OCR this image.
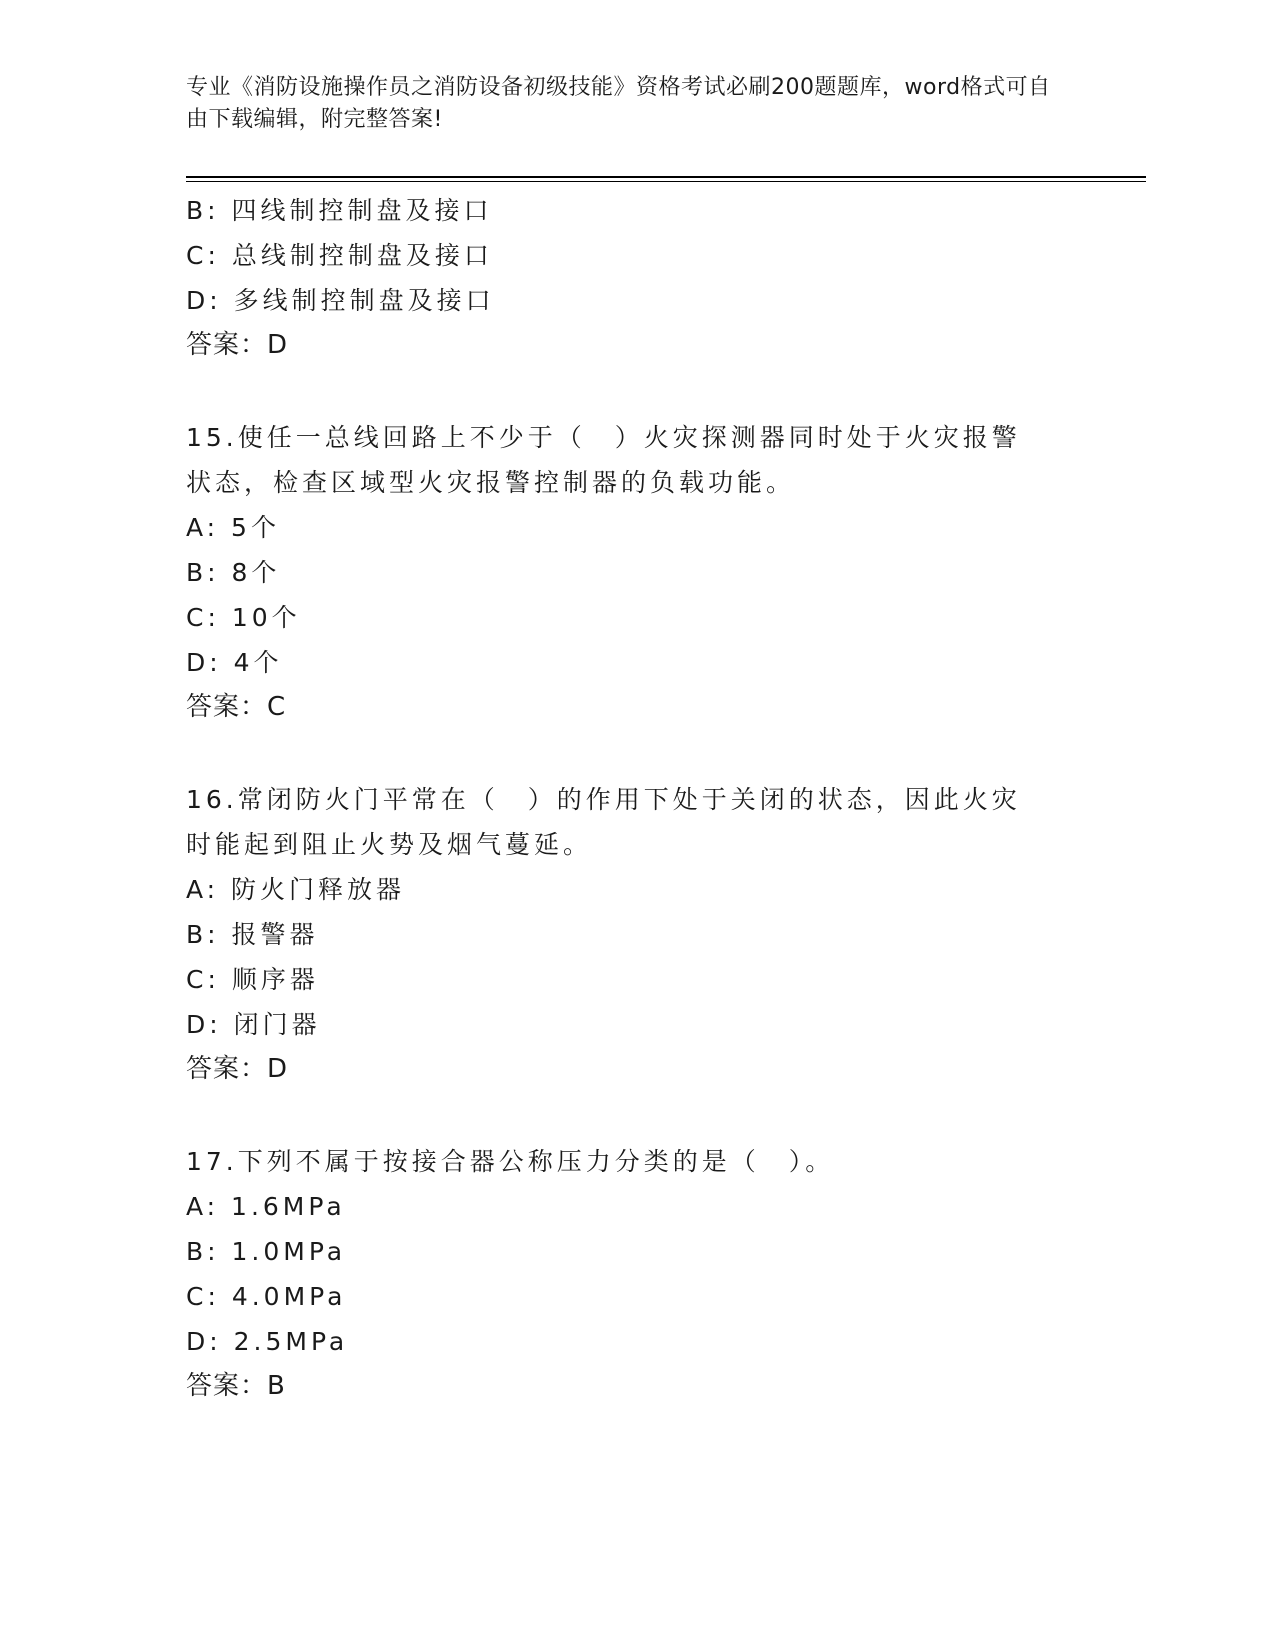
专业《消防设施操作员之消防设备初级技能》资格考试必刷200题题库，word格式可自由下载编辑，附完整答案!
B: 四线制控制盘及接口
C: 总线制控制盘及接口
D: 多线制控制盘及接口
答案：D
15.使任一总线回路上不少于（　）火灾探测器同时处于火灾报警状态，检查区域型火灾报警控制器的负载功能。
A: 5个
B: 8个
C: 10个
D: 4个
答案：C
16.常闭防火门平常在（　）的作用下处于关闭的状态，因此火灾时能起到阻止火势及烟气蔓延。
A: 防火门释放器
B: 报警器
C: 顺序器
D: 闭门器
答案：D
17.下列不属于按接合器公称压力分类的是（　）。
A: 1.6MPa
B: 1.0MPa
C: 4.0MPa
D: 2.5MPa
答案：B
